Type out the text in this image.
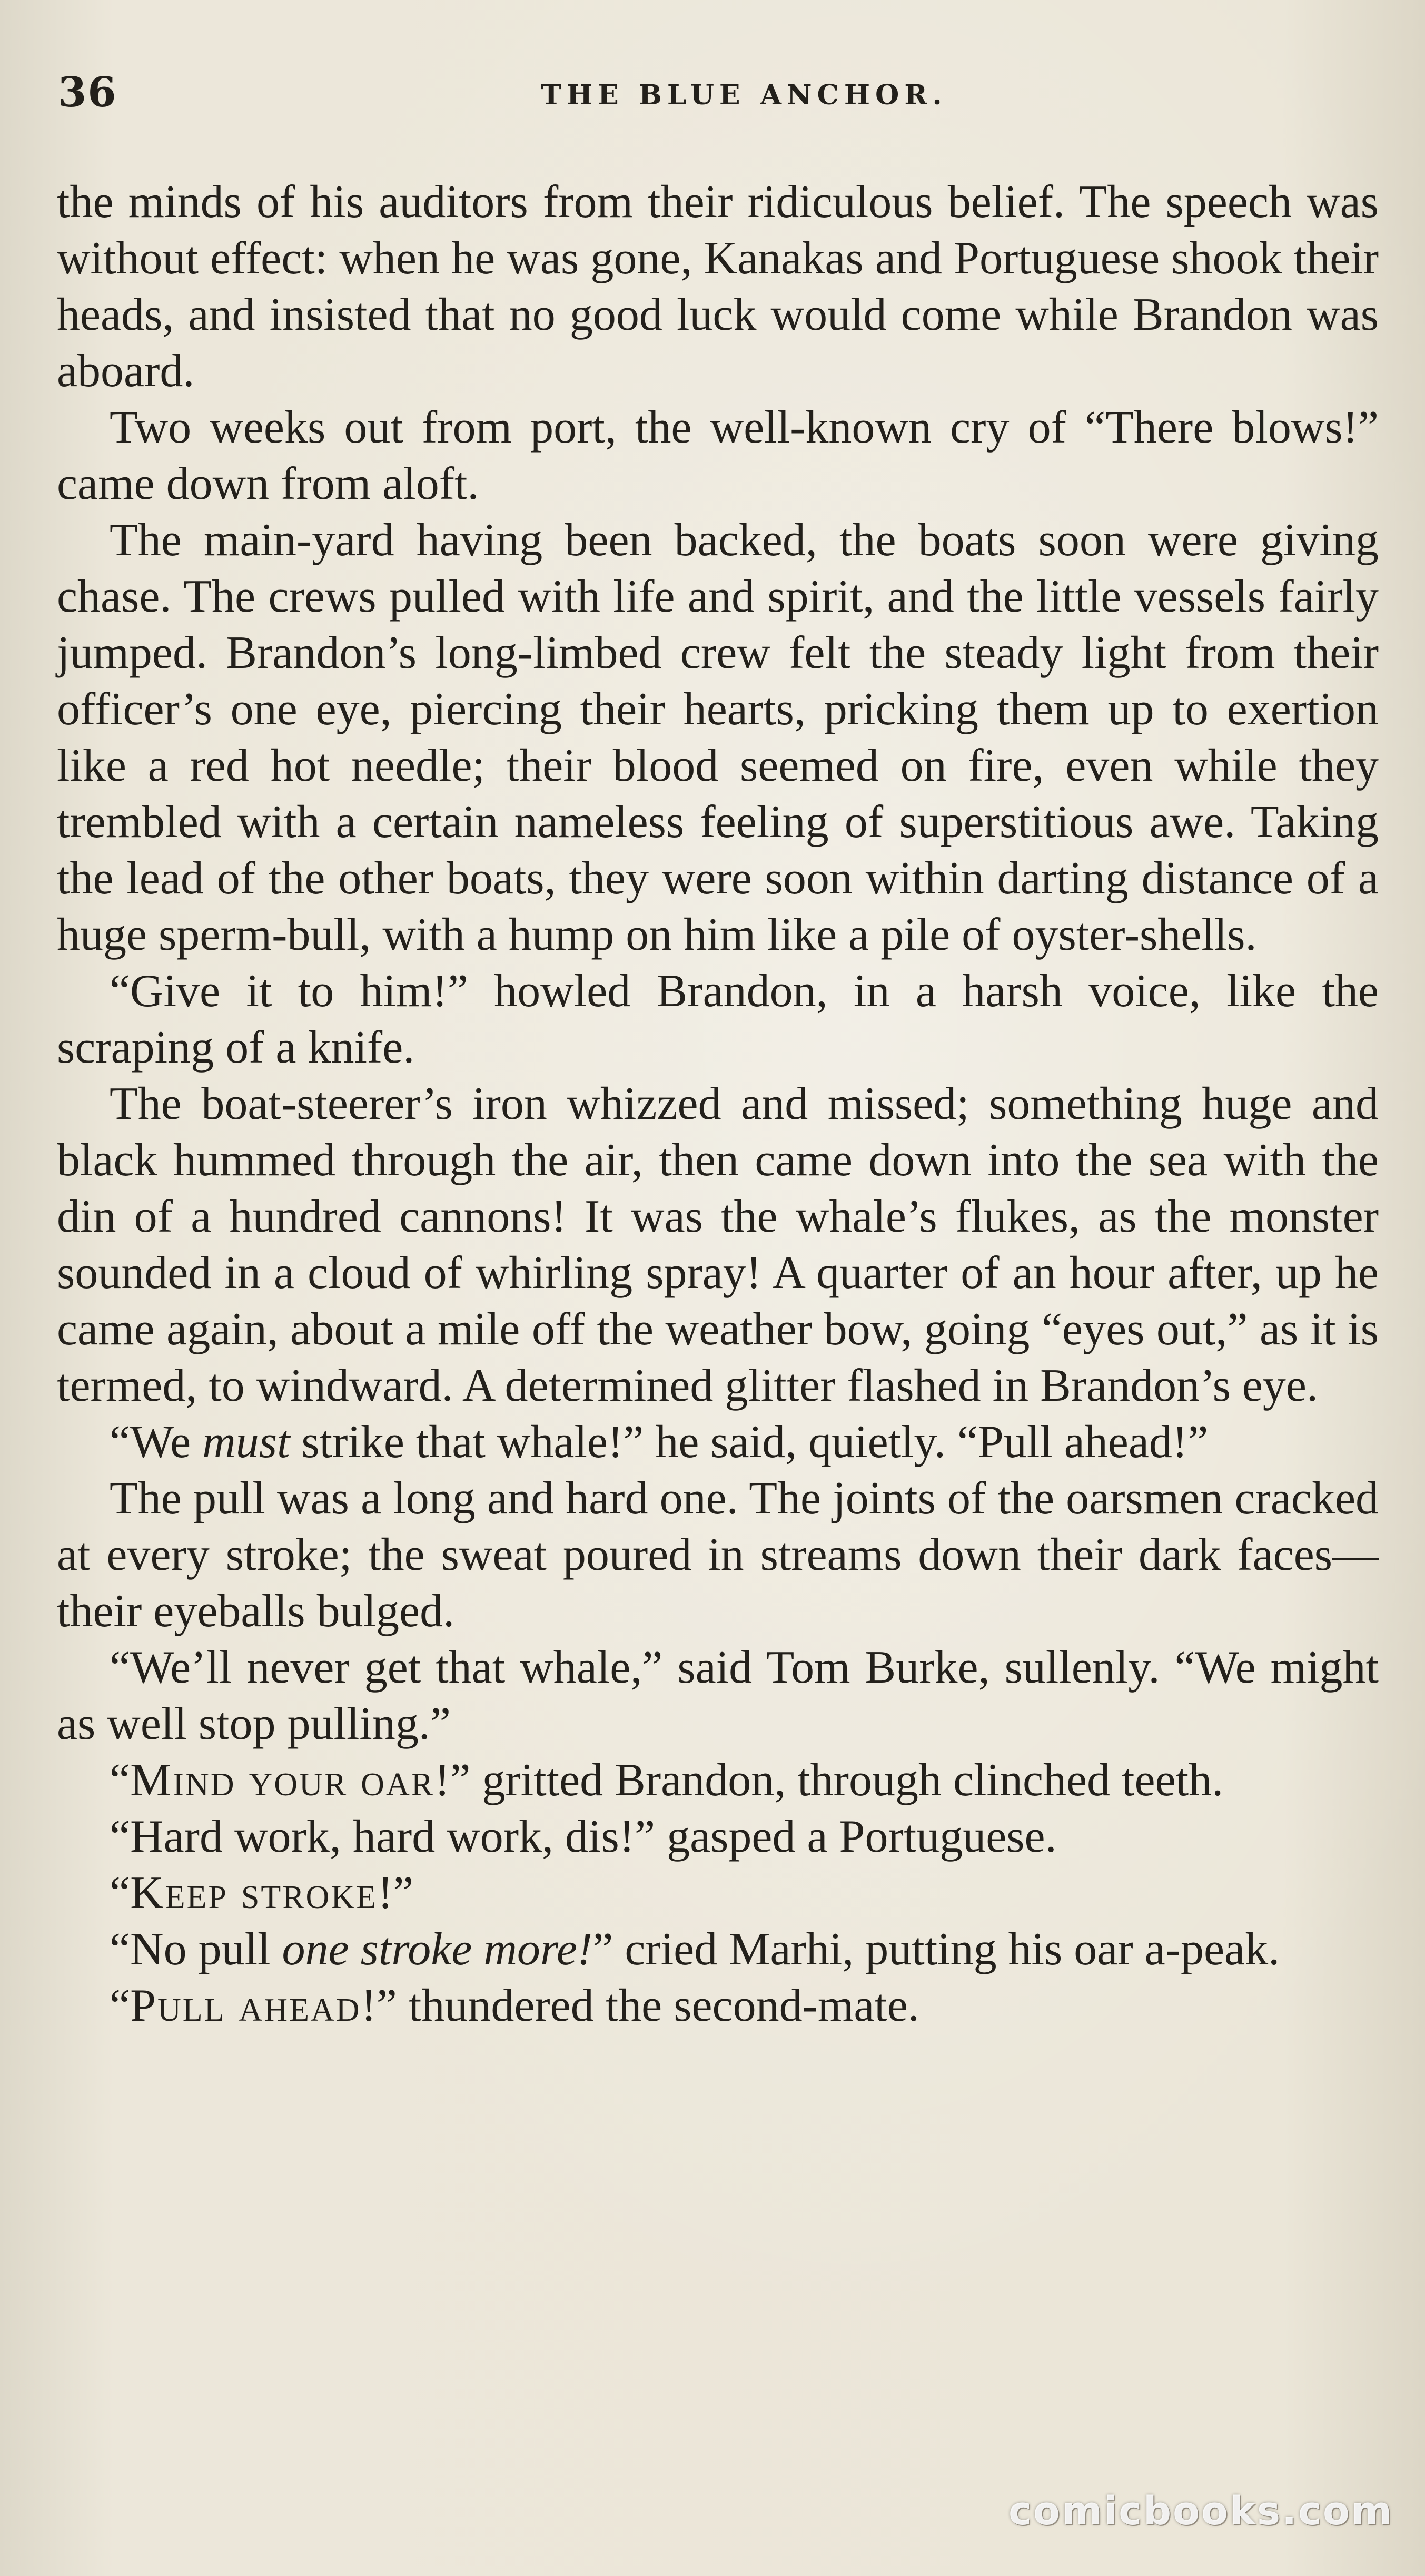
36	THE BLUE ANCHOR.

the minds of his auditors from their ridiculous belief. The speech was without effect: when he was gone, Kanakas and Portuguese shook their heads, and insisted that no good luck would come while Brandon was aboard.

Two weeks out from port, the well-known cry of “There blows!” came down from aloft.

The main-yard having been backed, the boats soon were giving chase. The crews pulled with life and spirit, and the little vessels fairly jumped. Brandon’s long-limbed crew felt the steady light from their officer’s one eye, piercing their hearts, pricking them up to exertion like a red hot needle; their blood seemed on fire, even while they trembled with a certain nameless feeling of superstitious awe. Taking the lead of the other boats, they were soon within darting distance of a huge sperm-bull, with a hump on him like a pile of oyster-shells.

“Give it to him!” howled Brandon, in a harsh voice, like the scraping of a knife.

The boat-steerer’s iron whizzed and missed; something huge and black hummed through the air, then came down into the sea with the din of a hundred cannons! It was the whale’s flukes, as the monster sounded in a cloud of whirling spray! A quarter of an hour after, up he came again, about a mile off the weather bow, going “eyes out,” as it is termed, to windward. A determined glitter flashed in Brandon’s eye.

“We must strike that whale!” he said, quietly. “Pull ahead!”

The pull was a long and hard one. The joints of the oarsmen cracked at every stroke; the sweat poured in streams down their dark faces—their eyeballs bulged.

“We’ll never get that whale,” said Tom Burke, sullenly. “We might as well stop pulling.”

“Mind your oar!” gritted Brandon, through clinched teeth.

“Hard work, hard work, dis!” gasped a Portuguese.

“Keep stroke!”

“No pull one stroke more!” cried Marhi, putting his oar a-peak.

“Pull ahead!” thundered the second-mate.

comicbooks.com
